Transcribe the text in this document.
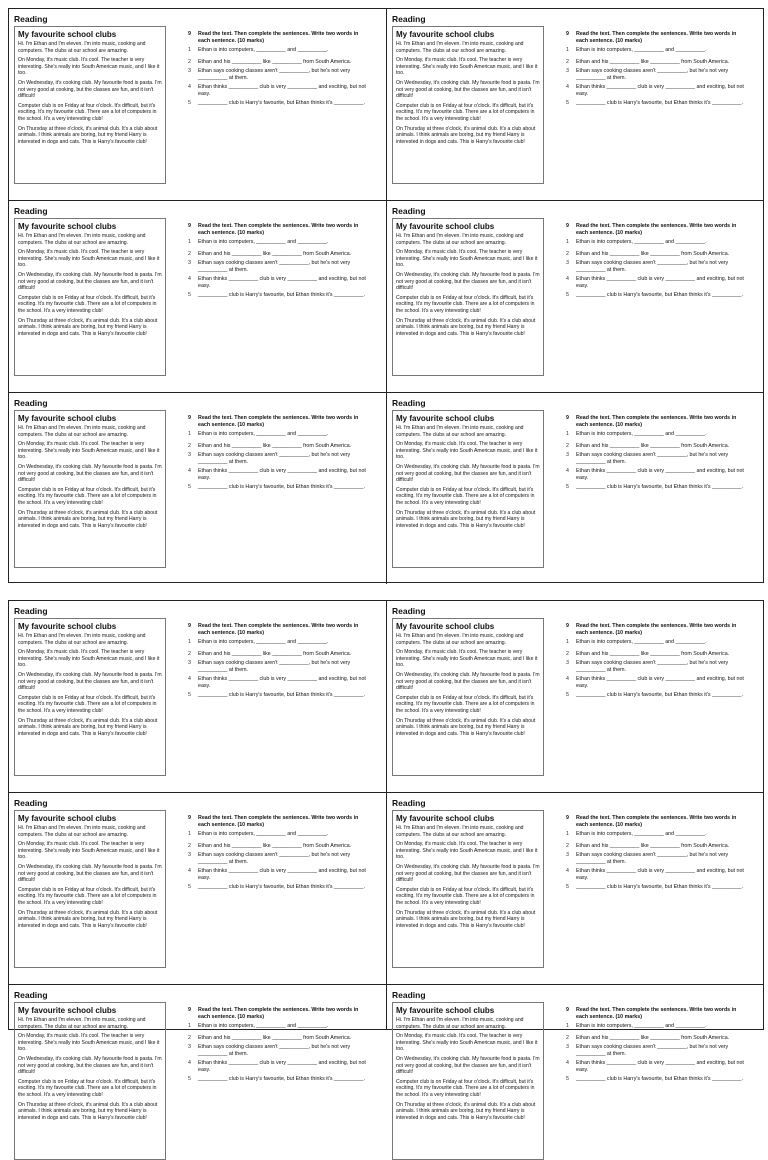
Reading
My favourite school clubs
Hi. I'm Ethan and I'm eleven. I'm into music, cooking and computers. The clubs at our school are amazing.
On Monday, it's music club. It's cool. The teacher is very interesting. She's really into South American music, and I like it too.
On Wednesday, it's cooking club. My favourite food is pasta. I'm not very good at cooking, but the classes are fun, and it isn't difficult!
Computer club is on Friday at four o'clock. It's difficult, but it's exciting. It's my favourite club. There are a lot of computers in the school. It's a very interesting club!
On Thursday at three o'clock, it's animal club. It's a club about animals. I think animals are boring, but my friend Harry is interested in dogs and cats. This is Harry's favourite club!
9	Read the text. Then complete the sentences. Write two words in each sentence. (10 marks)
1	Ethan is into computers, __________ and __________.
2	Ethan and his __________ like __________ from South America.
3	Ethan says cooking classes aren't __________, but he's not very __________ at them.
4	Ethan thinks __________ club is very __________ and exciting, but not easy.
5	__________ club is Harry's favourite, but Ethan thinks it's __________.
Reading
My favourite school clubs
Hi. I'm Ethan and I'm eleven. I'm into music, cooking and computers. The clubs at our school are amazing.
On Monday, it's music club. It's cool. The teacher is very interesting. She's really into South American music, and I like it too.
On Wednesday, it's cooking club. My favourite food is pasta. I'm not very good at cooking, but the classes are fun, and it isn't difficult!
Computer club is on Friday at four o'clock. It's difficult, but it's exciting. It's my favourite club. There are a lot of computers in the school. It's a very interesting club!
On Thursday at three o'clock, it's animal club. It's a club about animals. I think animals are boring, but my friend Harry is interested in dogs and cats. This is Harry's favourite club!
9	Read the text. Then complete the sentences. Write two words in each sentence. (10 marks)
1	Ethan is into computers, __________ and __________.
2	Ethan and his __________ like __________ from South America.
3	Ethan says cooking classes aren't __________, but he's not very __________ at them.
4	Ethan thinks __________ club is very __________ and exciting, but not easy.
5	__________ club is Harry's favourite, but Ethan thinks it's __________.
Reading
My favourite school clubs
Hi. I'm Ethan and I'm eleven. I'm into music, cooking and computers. The clubs at our school are amazing.
On Monday, it's music club. It's cool. The teacher is very interesting. She's really into South American music, and I like it too.
On Wednesday, it's cooking club. My favourite food is pasta. I'm not very good at cooking, but the classes are fun, and it isn't difficult!
Computer club is on Friday at four o'clock. It's difficult, but it's exciting. It's my favourite club. There are a lot of computers in the school. It's a very interesting club!
On Thursday at three o'clock, it's animal club. It's a club about animals. I think animals are boring, but my friend Harry is interested in dogs and cats. This is Harry's favourite club!
9	Read the text. Then complete the sentences. Write two words in each sentence. (10 marks)
1	Ethan is into computers, __________ and __________.
2	Ethan and his __________ like __________ from South America.
3	Ethan says cooking classes aren't __________, but he's not very __________ at them.
4	Ethan thinks __________ club is very __________ and exciting, but not easy.
5	__________ club is Harry's favourite, but Ethan thinks it's __________.
Reading
My favourite school clubs
Hi. I'm Ethan and I'm eleven. I'm into music, cooking and computers. The clubs at our school are amazing.
On Monday, it's music club. It's cool. The teacher is very interesting. She's really into South American music, and I like it too.
On Wednesday, it's cooking club. My favourite food is pasta. I'm not very good at cooking, but the classes are fun, and it isn't difficult!
Computer club is on Friday at four o'clock. It's difficult, but it's exciting. It's my favourite club. There are a lot of computers in the school. It's a very interesting club!
On Thursday at three o'clock, it's animal club. It's a club about animals. I think animals are boring, but my friend Harry is interested in dogs and cats. This is Harry's favourite club!
9	Read the text. Then complete the sentences. Write two words in each sentence. (10 marks)
1	Ethan is into computers, __________ and __________.
2	Ethan and his __________ like __________ from South America.
3	Ethan says cooking classes aren't __________, but he's not very __________ at them.
4	Ethan thinks __________ club is very __________ and exciting, but not easy.
5	__________ club is Harry's favourite, but Ethan thinks it's __________.
Reading
My favourite school clubs
Hi. I'm Ethan and I'm eleven. I'm into music, cooking and computers. The clubs at our school are amazing.
On Monday, it's music club. It's cool. The teacher is very interesting. She's really into South American music, and I like it too.
On Wednesday, it's cooking club. My favourite food is pasta. I'm not very good at cooking, but the classes are fun, and it isn't difficult!
Computer club is on Friday at four o'clock. It's difficult, but it's exciting. It's my favourite club. There are a lot of computers in the school. It's a very interesting club!
On Thursday at three o'clock, it's animal club. It's a club about animals. I think animals are boring, but my friend Harry is interested in dogs and cats. This is Harry's favourite club!
9	Read the text. Then complete the sentences. Write two words in each sentence. (10 marks)
1	Ethan is into computers, __________ and __________.
2	Ethan and his __________ like __________ from South America.
3	Ethan says cooking classes aren't __________, but he's not very __________ at them.
4	Ethan thinks __________ club is very __________ and exciting, but not easy.
5	__________ club is Harry's favourite, but Ethan thinks it's __________.
Reading
My favourite school clubs
Hi. I'm Ethan and I'm eleven. I'm into music, cooking and computers. The clubs at our school are amazing.
On Monday, it's music club. It's cool. The teacher is very interesting. She's really into South American music, and I like it too.
On Wednesday, it's cooking club. My favourite food is pasta. I'm not very good at cooking, but the classes are fun, and it isn't difficult!
Computer club is on Friday at four o'clock. It's difficult, but it's exciting. It's my favourite club. There are a lot of computers in the school. It's a very interesting club!
On Thursday at three o'clock, it's animal club. It's a club about animals. I think animals are boring, but my friend Harry is interested in dogs and cats. This is Harry's favourite club!
9	Read the text. Then complete the sentences. Write two words in each sentence. (10 marks)
1	Ethan is into computers, __________ and __________.
2	Ethan and his __________ like __________ from South America.
3	Ethan says cooking classes aren't __________, but he's not very __________ at them.
4	Ethan thinks __________ club is very __________ and exciting, but not easy.
5	__________ club is Harry's favourite, but Ethan thinks it's __________.
Reading
My favourite school clubs
Hi. I'm Ethan and I'm eleven. I'm into music, cooking and computers. The clubs at our school are amazing.
On Monday, it's music club. It's cool. The teacher is very interesting. She's really into South American music, and I like it too.
On Wednesday, it's cooking club. My favourite food is pasta. I'm not very good at cooking, but the classes are fun, and it isn't difficult!
Computer club is on Friday at four o'clock. It's difficult, but it's exciting. It's my favourite club. There are a lot of computers in the school. It's a very interesting club!
On Thursday at three o'clock, it's animal club. It's a club about animals. I think animals are boring, but my friend Harry is interested in dogs and cats. This is Harry's favourite club!
9	Read the text. Then complete the sentences. Write two words in each sentence. (10 marks)
1	Ethan is into computers, __________ and __________.
2	Ethan and his __________ like __________ from South America.
3	Ethan says cooking classes aren't __________, but he's not very __________ at them.
4	Ethan thinks __________ club is very __________ and exciting, but not easy.
5	__________ club is Harry's favourite, but Ethan thinks it's __________.
Reading
My favourite school clubs
Hi. I'm Ethan and I'm eleven. I'm into music, cooking and computers. The clubs at our school are amazing.
On Monday, it's music club. It's cool. The teacher is very interesting. She's really into South American music, and I like it too.
On Wednesday, it's cooking club. My favourite food is pasta. I'm not very good at cooking, but the classes are fun, and it isn't difficult!
Computer club is on Friday at four o'clock. It's difficult, but it's exciting. It's my favourite club. There are a lot of computers in the school. It's a very interesting club!
On Thursday at three o'clock, it's animal club. It's a club about animals. I think animals are boring, but my friend Harry is interested in dogs and cats. This is Harry's favourite club!
9	Read the text. Then complete the sentences. Write two words in each sentence. (10 marks)
1	Ethan is into computers, __________ and __________.
2	Ethan and his __________ like __________ from South America.
3	Ethan says cooking classes aren't __________, but he's not very __________ at them.
4	Ethan thinks __________ club is very __________ and exciting, but not easy.
5	__________ club is Harry's favourite, but Ethan thinks it's __________.
Reading
My favourite school clubs
Hi. I'm Ethan and I'm eleven. I'm into music, cooking and computers. The clubs at our school are amazing.
On Monday, it's music club. It's cool. The teacher is very interesting. She's really into South American music, and I like it too.
On Wednesday, it's cooking club. My favourite food is pasta. I'm not very good at cooking, but the classes are fun, and it isn't difficult!
Computer club is on Friday at four o'clock. It's difficult, but it's exciting. It's my favourite club. There are a lot of computers in the school. It's a very interesting club!
On Thursday at three o'clock, it's animal club. It's a club about animals. I think animals are boring, but my friend Harry is interested in dogs and cats. This is Harry's favourite club!
9	Read the text. Then complete the sentences. Write two words in each sentence. (10 marks)
1	Ethan is into computers, __________ and __________.
2	Ethan and his __________ like __________ from South America.
3	Ethan says cooking classes aren't __________, but he's not very __________ at them.
4	Ethan thinks __________ club is very __________ and exciting, but not easy.
5	__________ club is Harry's favourite, but Ethan thinks it's __________.
Reading
My favourite school clubs
Hi. I'm Ethan and I'm eleven. I'm into music, cooking and computers. The clubs at our school are amazing.
On Monday, it's music club. It's cool. The teacher is very interesting. She's really into South American music, and I like it too.
On Wednesday, it's cooking club. My favourite food is pasta. I'm not very good at cooking, but the classes are fun, and it isn't difficult!
Computer club is on Friday at four o'clock. It's difficult, but it's exciting. It's my favourite club. There are a lot of computers in the school. It's a very interesting club!
On Thursday at three o'clock, it's animal club. It's a club about animals. I think animals are boring, but my friend Harry is interested in dogs and cats. This is Harry's favourite club!
9	Read the text. Then complete the sentences. Write two words in each sentence. (10 marks)
1	Ethan is into computers, __________ and __________.
2	Ethan and his __________ like __________ from South America.
3	Ethan says cooking classes aren't __________, but he's not very __________ at them.
4	Ethan thinks __________ club is very __________ and exciting, but not easy.
5	__________ club is Harry's favourite, but Ethan thinks it's __________.
Reading
My favourite school clubs
Hi. I'm Ethan and I'm eleven. I'm into music, cooking and computers. The clubs at our school are amazing.
On Monday, it's music club. It's cool. The teacher is very interesting. She's really into South American music, and I like it too.
On Wednesday, it's cooking club. My favourite food is pasta. I'm not very good at cooking, but the classes are fun, and it isn't difficult!
Computer club is on Friday at four o'clock. It's difficult, but it's exciting. It's my favourite club. There are a lot of computers in the school. It's a very interesting club!
On Thursday at three o'clock, it's animal club. It's a club about animals. I think animals are boring, but my friend Harry is interested in dogs and cats. This is Harry's favourite club!
9	Read the text. Then complete the sentences. Write two words in each sentence. (10 marks)
1	Ethan is into computers, __________ and __________.
2	Ethan and his __________ like __________ from South America.
3	Ethan says cooking classes aren't __________, but he's not very __________ at them.
4	Ethan thinks __________ club is very __________ and exciting, but not easy.
5	__________ club is Harry's favourite, but Ethan thinks it's __________.
Reading
My favourite school clubs
Hi. I'm Ethan and I'm eleven. I'm into music, cooking and computers. The clubs at our school are amazing.
On Monday, it's music club. It's cool. The teacher is very interesting. She's really into South American music, and I like it too.
On Wednesday, it's cooking club. My favourite food is pasta. I'm not very good at cooking, but the classes are fun, and it isn't difficult!
Computer club is on Friday at four o'clock. It's difficult, but it's exciting. It's my favourite club. There are a lot of computers in the school. It's a very interesting club!
On Thursday at three o'clock, it's animal club. It's a club about animals. I think animals are boring, but my friend Harry is interested in dogs and cats. This is Harry's favourite club!
9	Read the text. Then complete the sentences. Write two words in each sentence. (10 marks)
1	Ethan is into computers, __________ and __________.
2	Ethan and his __________ like __________ from South America.
3	Ethan says cooking classes aren't __________, but he's not very __________ at them.
4	Ethan thinks __________ club is very __________ and exciting, but not easy.
5	__________ club is Harry's favourite, but Ethan thinks it's __________.
